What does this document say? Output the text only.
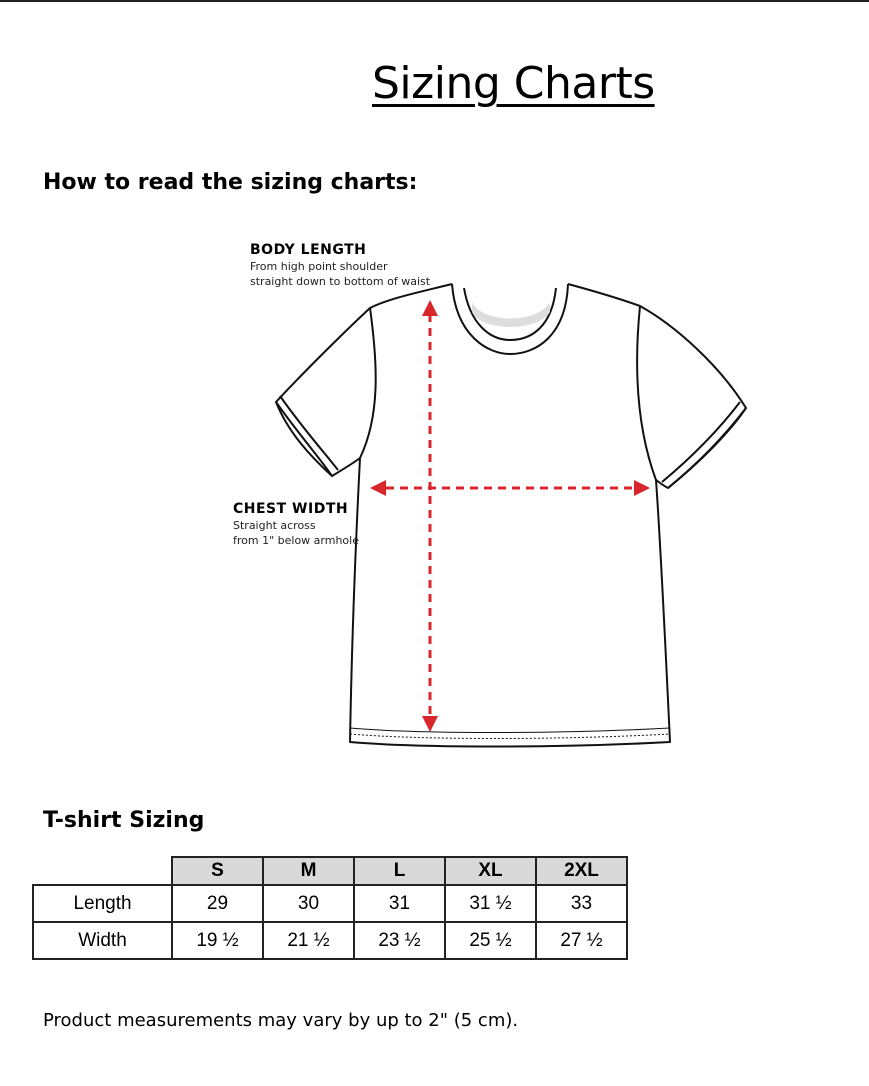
Sizing Charts
How to read the sizing charts:
BODY LENGTH
From high point shoulder
straight down to bottom of waist
CHEST WIDTH
Straight across
from 1" below armhole
T-shirt Sizing
	S	M	L	XL	2XL
Length	29	30	31	31 ½	33
Width	19 ½	21 ½	23 ½	25 ½	27 ½
Product measurements may vary by up to 2" (5 cm).
